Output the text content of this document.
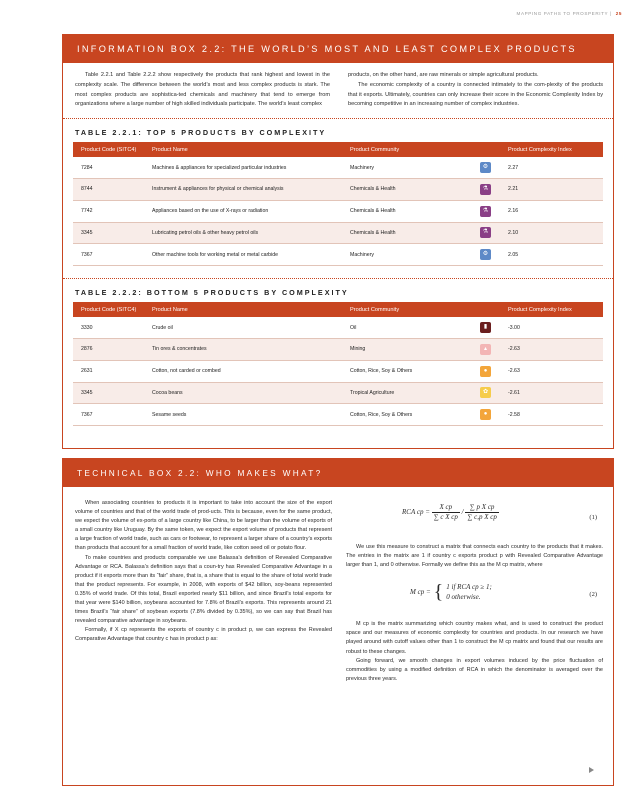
MAPPING PATHS TO PROSPERITY | 25
INFORMATION BOX 2.2: THE WORLD’S MOST AND LEAST COMPLEX PRODUCTS

Table 2.2.1 and Table 2.2.2 show respectively the products that rank highest and lowest in the complexity scale. The difference between the world’s most and less complex products is stark. The most complex products are sophistica-ted chemicals and machinery that tend to emerge from organizations where a large number of high skilled individuals participate. The world’s least complex

products, on the other hand, are raw minerals or simple agricultural products.

The economic complexity of a country is connected intimately to the com-plexity of the products that it exports. Ultimately, countries can only increase their score in the Economic Complexity Index by becoming competitive in an increasing number of complex industries.

TABLE 2.2.1: TOP 5 PRODUCTS BY COMPLEXITY
Product Code (SITC4)	Product Name	Product Community		Product Complexity Index
7284	Machines & appliances for specialized particular industries	Machinery	⚙	2.27
8744	Instrument & appliances for physical or chemical analysis	Chemicals & Health	⚗	2.21
7742	Appliances based on the use of X-rays or radiation	Chemicals & Health	⚗	2.16
3345	Lubricating petrol oils & other heavy petrol oils	Chemicals & Health	⚗	2.10
7367	Other machine tools for working metal or metal carbide	Machinery	⚙	2.05
TABLE 2.2.2: BOTTOM 5 PRODUCTS BY COMPLEXITY
Product Code (SITC4)	Product Name	Product Community		Product Complexity Index
3330	Crude oil	Oil	▮	-3.00
2876	Tin ores & concentrates	Mining	▴	-2.63
2631	Cotton, not carded or combed	Cotton, Rice, Soy & Others	●	-2.63
3345	Cocoa beans	Tropical Agriculture	✿	-2.61
7367	Sesame seeds	Cotton, Rice, Soy & Others	●	-2.58
TECHNICAL BOX 2.2: WHO MAKES WHAT?

When associating countries to products it is important to take into account the size of the export volume of countries and that of the world trade of prod-ucts. This is because, even for the same product, we expect the volume of ex-ports of a large country like China, to be larger than the volume of exports of a small country like Uruguay. By the same token, we expect the export volume of products that represent a large fraction of world trade, such as cars or footwear, to represent a larger share of a country’s exports than products that account for a small fraction of world trade, like cotton seed oil or potato flour.

To make countries and products comparable we use Balassa’s definition of Revealed Comparative Advantage or RCA. Balassa’s definition says that a coun-try has Revealed Comparative Advantage in a product if it exports more than its “fair” share, that is, a share that is equal to the share of total world trade that the product represents. For example, in 2008, with exports of $42 billion, soy-beans represented 0.35% of world trade. Of this total, Brazil exported nearly $11 billion, and since Brazil’s total exports for that year were $140 billion, soybeans accounted for 7.8% of Brazil’s exports. This represents around 21 times Brazil’s “fair share” of soybean exports (7.8% divided by 0.35%), so we can say that Brazil has revealed comparative advantage in soybeans.

Formally, if X cp represents the exports of country c in product p, we can express the Revealed Comparative Advantage that country c has in product p as:

RCA cp = $\frac{\text{X cp}}{\text{∑ c X cp}} / \frac{\text{∑ p X cp}}{\text{∑ c,p X cp}}$	(1)

We use this measure to construct a matrix that connects each country to the products that it makes. The entries in the matrix are 1 if country c exports product p with Revealed Comparative Advantage larger than 1, and 0 otherwise. Formally we define this as the M cp matrix, where

M cp = { 1 if RCA cp ≥ 1;
0 otherwise.	(2)

M cp is the matrix summarizing which country makes what, and is used to construct the product space and our measures of economic complexity for countries and products. In our research we have played around with cutoff values other than 1 to construct the M cp matrix and found that our results are robust to these changes.

Going forward, we smooth changes in export volumes induced by the price fluctuation of commodities by using a modified definition of RCA in which the denominator is averaged over the previous three years.
